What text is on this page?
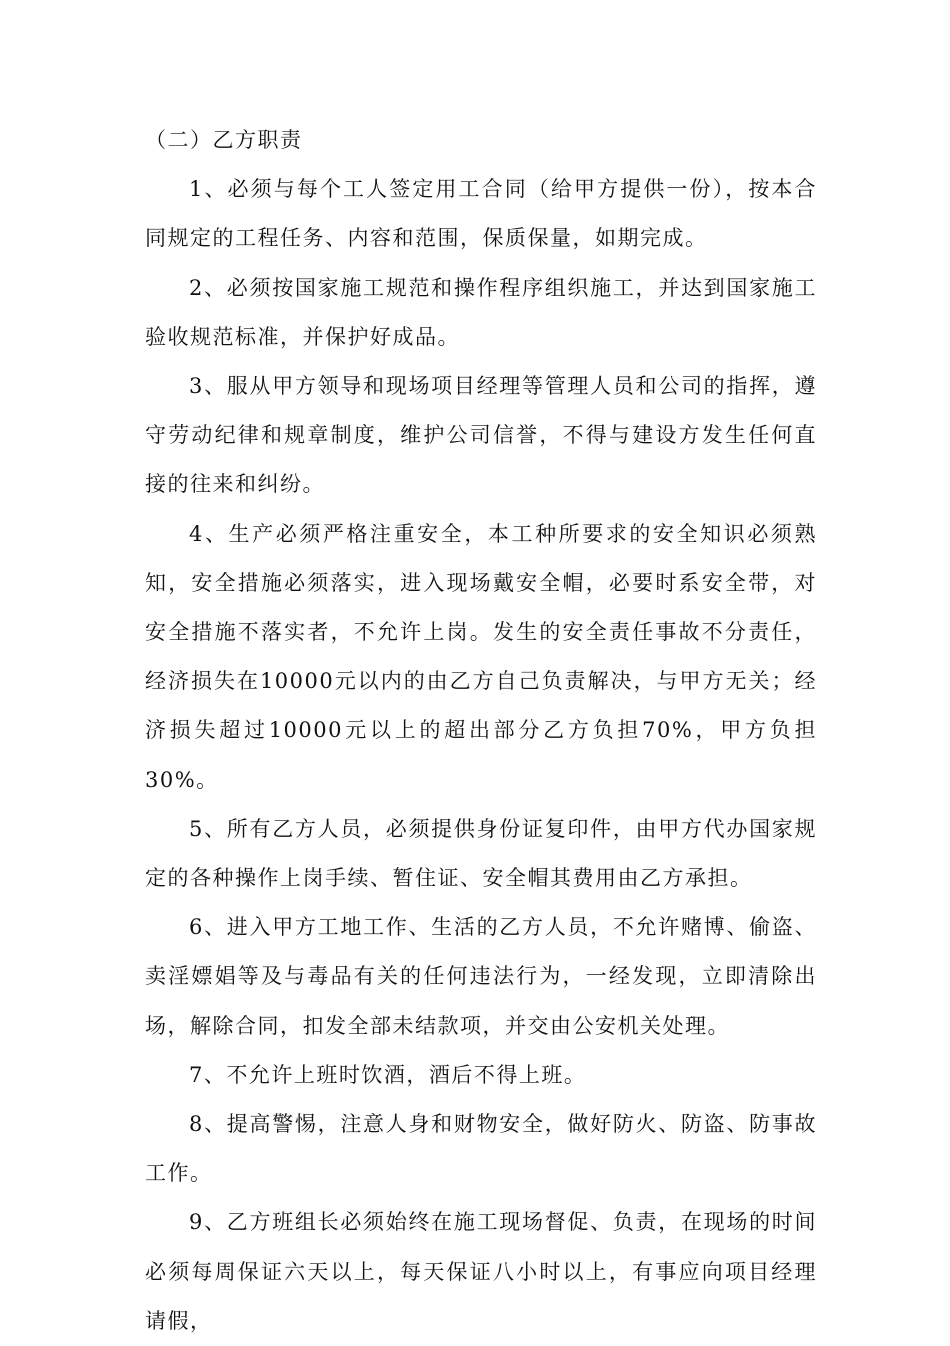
（二）乙方职责

1、必须与每个工人签定用工合同（给甲方提供一份），按本合同规定的工程任务、内容和范围，保质保量，如期完成。

2、必须按国家施工规范和操作程序组织施工，并达到国家施工验收规范标准，并保护好成品。

3、服从甲方领导和现场项目经理等管理人员和公司的指挥，遵守劳动纪律和规章制度，维护公司信誉，不得与建设方发生任何直接的往来和纠纷。

4、生产必须严格注重安全，本工种所要求的安全知识必须熟知，安全措施必须落实，进入现场戴安全帽，必要时系安全带，对安全措施不落实者，不允许上岗。发生的安全责任事故不分责任，经济损失在10000元以内的由乙方自己负责解决，与甲方无关；经济损失超过10000元以上的超出部分乙方负担70%，甲方负担30%。

5、所有乙方人员，必须提供身份证复印件，由甲方代办国家规定的各种操作上岗手续、暂住证、安全帽其费用由乙方承担。

6、进入甲方工地工作、生活的乙方人员，不允许赌博、偷盗、卖淫嫖娼等及与毒品有关的任何违法行为，一经发现，立即清除出场，解除合同，扣发全部未结款项，并交由公安机关处理。

7、不允许上班时饮酒，酒后不得上班。

8、提高警惕，注意人身和财物安全，做好防火、防盗、防事故工作。

9、乙方班组长必须始终在施工现场督促、负责，在现场的时间必须每周保证六天以上，每天保证八小时以上，有事应向项目经理请假，
